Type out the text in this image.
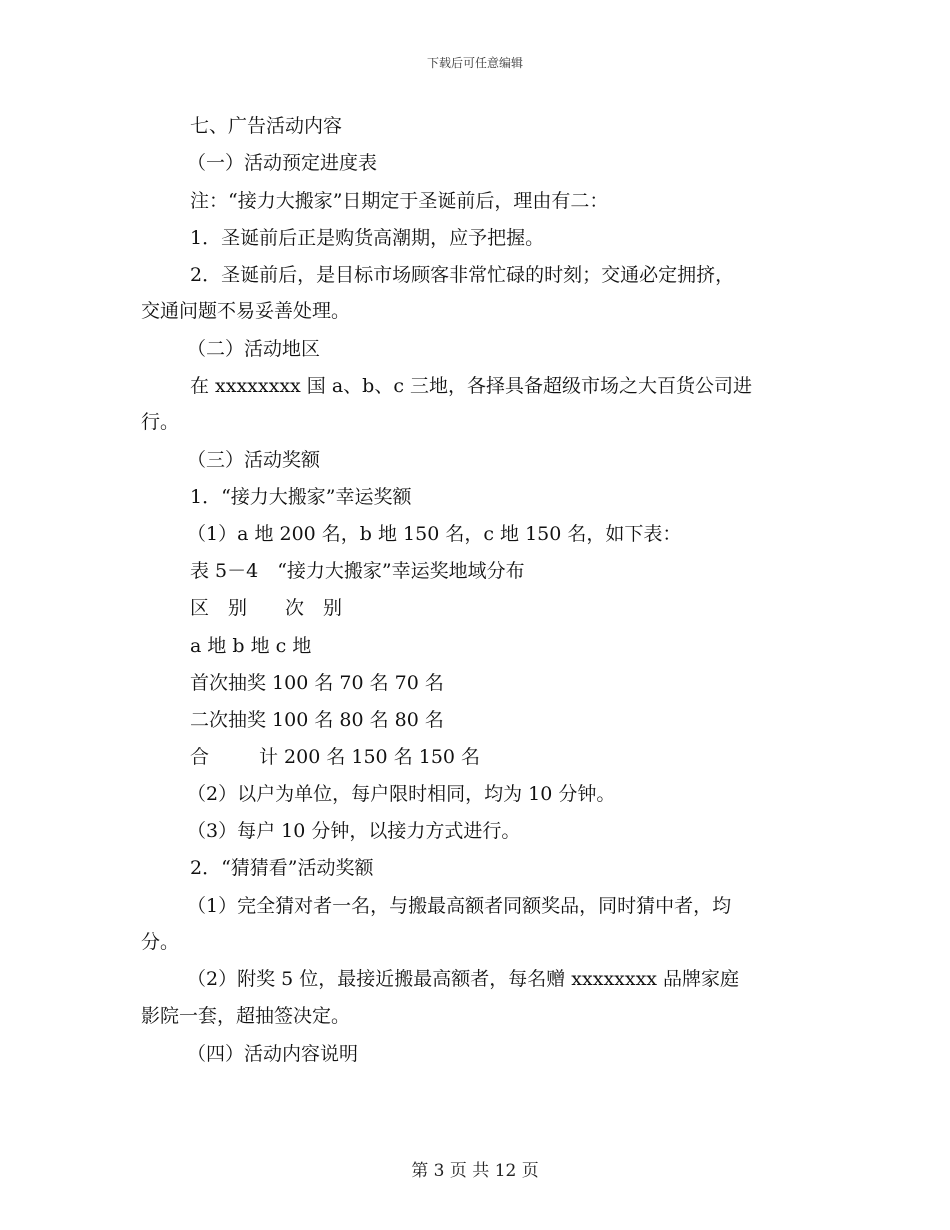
下载后可任意编辑
七、广告活动内容
（一）活动预定进度表
注：“接力大搬家”日期定于圣诞前后，理由有二：
1．圣诞前后正是购货高潮期，应予把握。
2．圣诞前后，是目标市场顾客非常忙碌的时刻；交通必定拥挤，
交通问题不易妥善处理。
（二）活动地区
在 xxxxxxxx 国 a、b、c 三地，各择具备超级市场之大百货公司进
行。
（三）活动奖额
1．“接力大搬家”幸运奖额
（1）a 地 200 名，b 地 150 名，c 地 150 名，如下表：
表 5－4　“接力大搬家”幸运奖地域分布
区　别　　次　别
a 地 b 地 c 地
首次抽奖 100 名 70 名 70 名
二次抽奖 100 名 80 名 80 名
合	计 200 名 150 名 150 名
（2）以户为单位，每户限时相同，均为 10 分钟。
（3）每户 10 分钟，以接力方式进行。
2．“猜猜看”活动奖额
（1）完全猜对者一名，与搬最高额者同额奖品，同时猜中者，均
分。
（2）附奖 5 位，最接近搬最高额者，每名赠 xxxxxxxx 品牌家庭
影院一套，超抽签决定。
（四）活动内容说明
第 3 页 共 12 页
